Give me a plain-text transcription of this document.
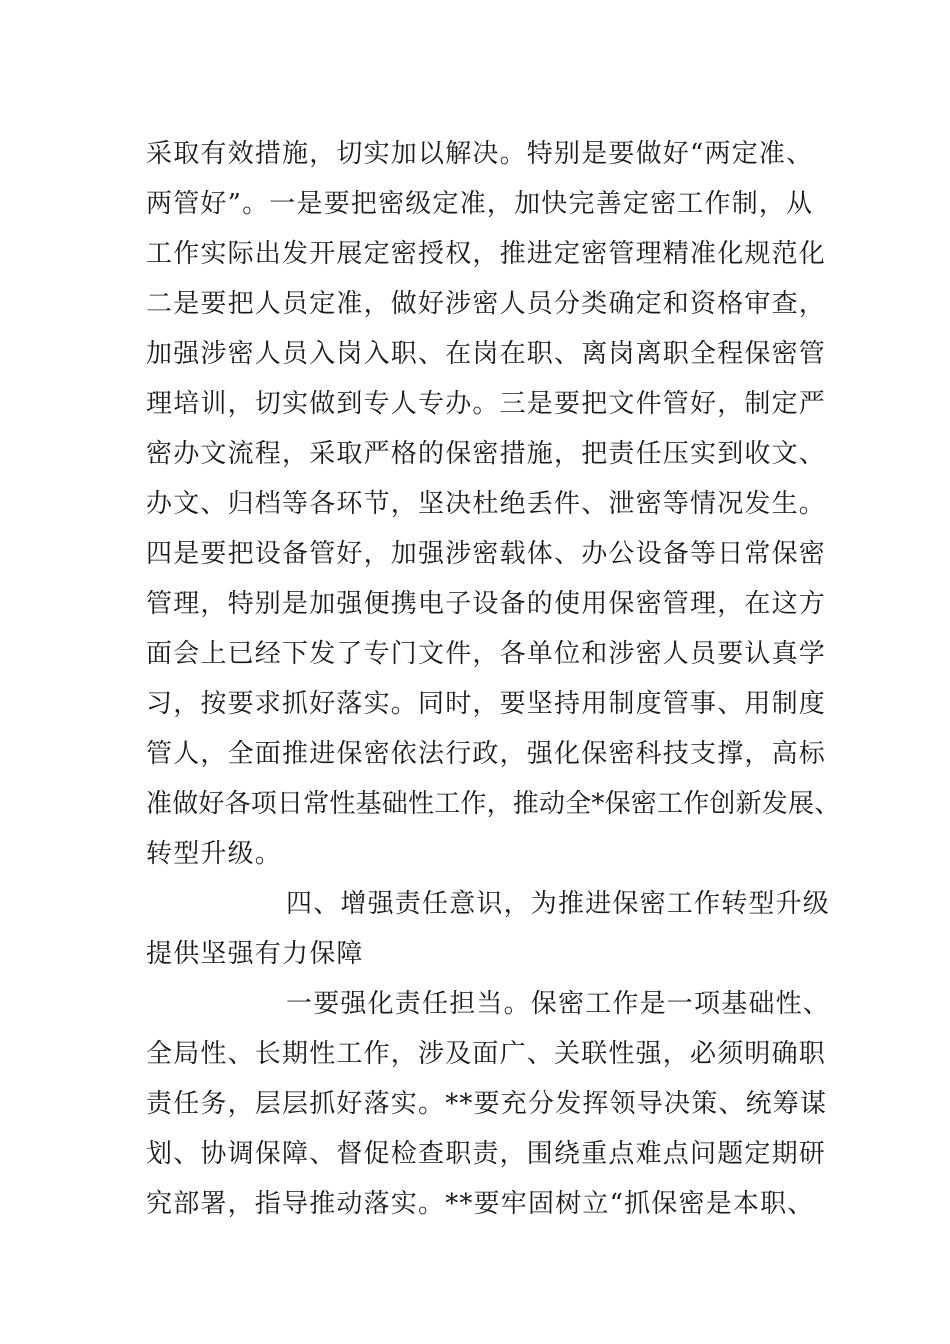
采取有效措施，切实加以解决。特别是要做好“两定准、
两管好”。一是要把密级定准，加快完善定密工作制，从
工作实际出发开展定密授权，推进定密管理精准化规范化
二是要把人员定准，做好涉密人员分类确定和资格审查，
加强涉密人员入岗入职、在岗在职、离岗离职全程保密管
理培训，切实做到专人专办。三是要把文件管好，制定严
密办文流程，采取严格的保密措施，把责任压实到收文、
办文、归档等各环节，坚决杜绝丢件、泄密等情况发生。
四是要把设备管好，加强涉密载体、办公设备等日常保密
管理，特别是加强便携电子设备的使用保密管理，在这方
面会上已经下发了专门文件，各单位和涉密人员要认真学
习，按要求抓好落实。同时，要坚持用制度管事、用制度
管人，全面推进保密依法行政，强化保密科技支撑，高标
准做好各项日常性基础性工作，推动全*保密工作创新发展、
转型升级。
四、增强责任意识，为推进保密工作转型升级
提供坚强有力保障
一要强化责任担当。保密工作是一项基础性、
全局性、长期性工作，涉及面广、关联性强，必须明确职
责任务，层层抓好落实。**要充分发挥领导决策、统筹谋
划、协调保障、督促检查职责，围绕重点难点问题定期研
究部署，指导推动落实。**要牢固树立“抓保密是本职、
